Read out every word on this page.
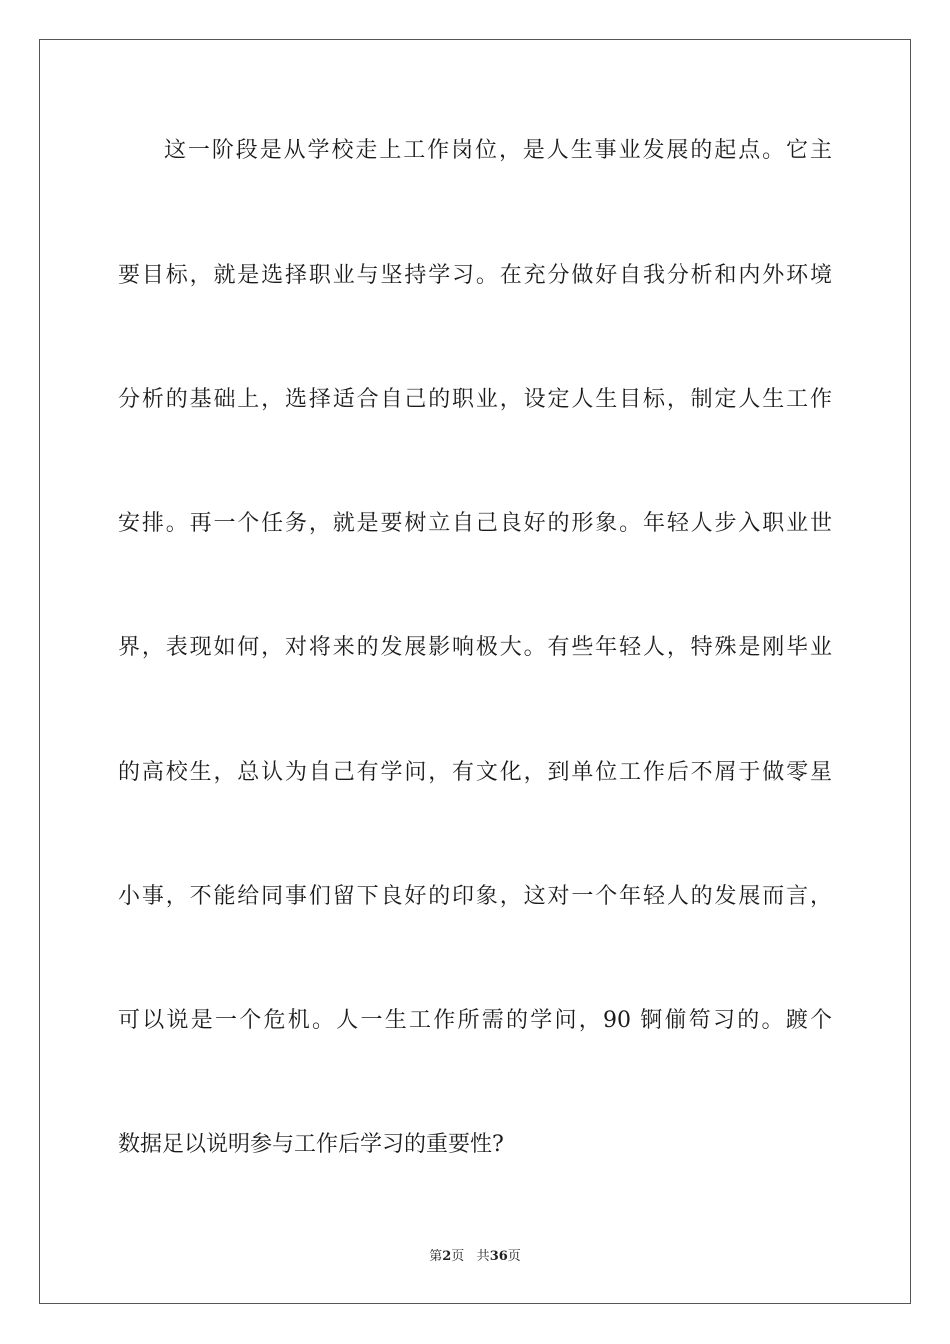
这一阶段是从学校走上工作岗位，是人生事业发展的起点。它主
要目标，就是选择职业与坚持学习。在充分做好自我分析和内外环境
分析的基础上，选择适合自己的职业，设定人生目标，制定人生工作
安排。再一个任务，就是要树立自己良好的形象。年轻人步入职业世
界，表现如何，对将来的发展影响极大。有些年轻人，特殊是刚毕业
的高校生，总认为自己有学问，有文化，到单位工作后不屑于做零星
小事，不能给同事们留下良好的印象，这对一个年轻人的发展而言，
可以说是一个危机。人一生工作所需的学问，90 锕偂笱习的。踱个
数据足以说明参与工作后学习的重要性?
第2页 共36页
